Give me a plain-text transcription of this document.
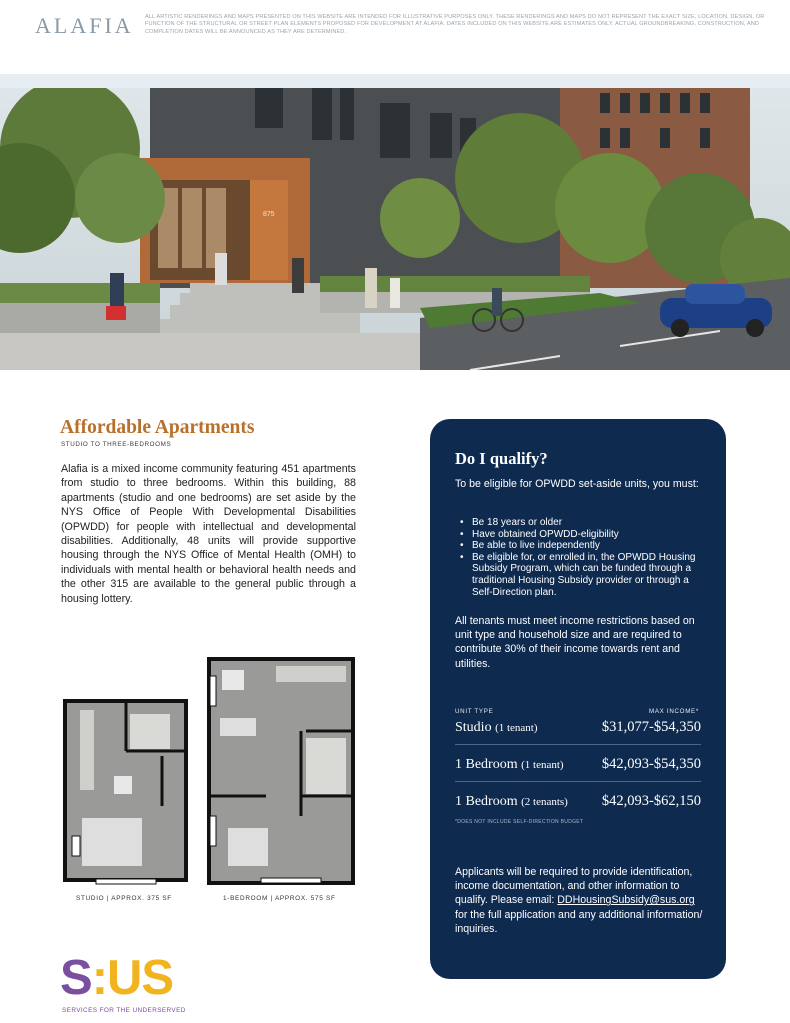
ALAFIA ALL ARTISTIC RENDERINGS AND MAPS PRESENTED ON THIS WEBSITE ARE INTENDED FOR ILLUSTRATIVE PURPOSES ONLY. THESE RENDERINGS AND MAPS DO NOT REPRESENT THE EXACT SIZE, LOCATION, DESIGN, OR FUNCTION OF THE STRUCTURAL OR STREET PLAN ELEMENTS PROPOSED FOR DEVELOPMENT AT ALAFIA. DATES INCLUDED ON THIS WEBSITE ARE ESTIMATES ONLY. ACTUAL GROUNDBREAKING, CONSTRUCTION, AND COMPLETION DATES WILL BE ANNOUNCED AS THEY ARE DETERMINED.
875
Affordable Apartments
STUDIO TO THREE-BEDROOMS

Alafia is a mixed income community featuring 451 apartments from studio to three bedrooms. Within this building, 88 apartments (studio and one bedrooms) are set aside by the NYS Office of People With Developmental Disabilities (OPWDD) for people with intellectual and developmental disabilities. Additionally, 48 units will provide supportive housing through the NYS Office of Mental Health (OMH) to individuals with mental health or behavioral health needs and the other 315 are available to the general public through a housing lottery.

STUDIO | APPROX. 375 SF	1-BEDROOM | APPROX. 575 SF
S:US
SERVICES FOR THE UNDERSERVED
Do I qualify?

To be eligible for OPWDD set-aside units, you must:

• Be 18 years or older
• Have obtained OPWDD-eligibility
• Be able to live independently
• Be eligible for, or enrolled in, the OPWDD Housing Subsidy Program, which can be funded through a traditional Housing Subsidy provider or through a Self-Direction plan.

All tenants must meet income restrictions based on unit type and household size and are required to contribute 30% of their income towards rent and utilities.

UNIT TYPE	MAX INCOME*
Studio (1 tenant)	$31,077-$54,350
1 Bedroom (1 tenant)	$42,093-$54,350
1 Bedroom (2 tenants) $42,093-$62,150
*DOES NOT INCLUDE SELF-DIRECTION BUDGET

Applicants will be required to provide identification, income documentation, and other information to qualify. Please email: DDHousingSubsidy@sus.org for the full application and any additional information/ inquiries.
